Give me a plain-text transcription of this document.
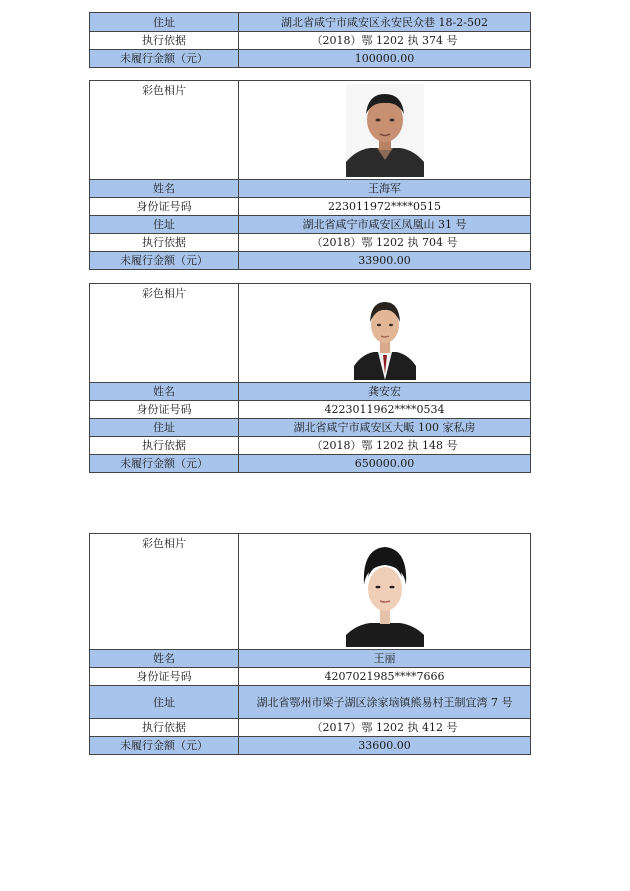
住址	湖北省咸宁市咸安区永安民众巷 18-2-502
执行依据	（2018）鄂 1202 执 374 号
未履行金额（元）	100000.00
彩色相片	

姓名	王海军
身份证号码	223011972****0515
住址	湖北省咸宁市咸安区凤凰山 31 号
执行依据	（2018）鄂 1202 执 704 号
未履行金额（元）	33900.00
彩色相片	

姓名	龚安宏
身份证号码	4223011962****0534
住址	湖北省咸宁市咸安区大畈 100 家私房
执行依据	（2018）鄂 1202 执 148 号
未履行金额（元）	650000.00
彩色相片	

姓名	王丽
身份证号码	4207021985****7666
住址	湖北省鄂州市梁子湖区涂家垴镇熊易村王制宜湾 7 号
执行依据	（2017）鄂 1202 执 412 号
未履行金额（元）	33600.00
